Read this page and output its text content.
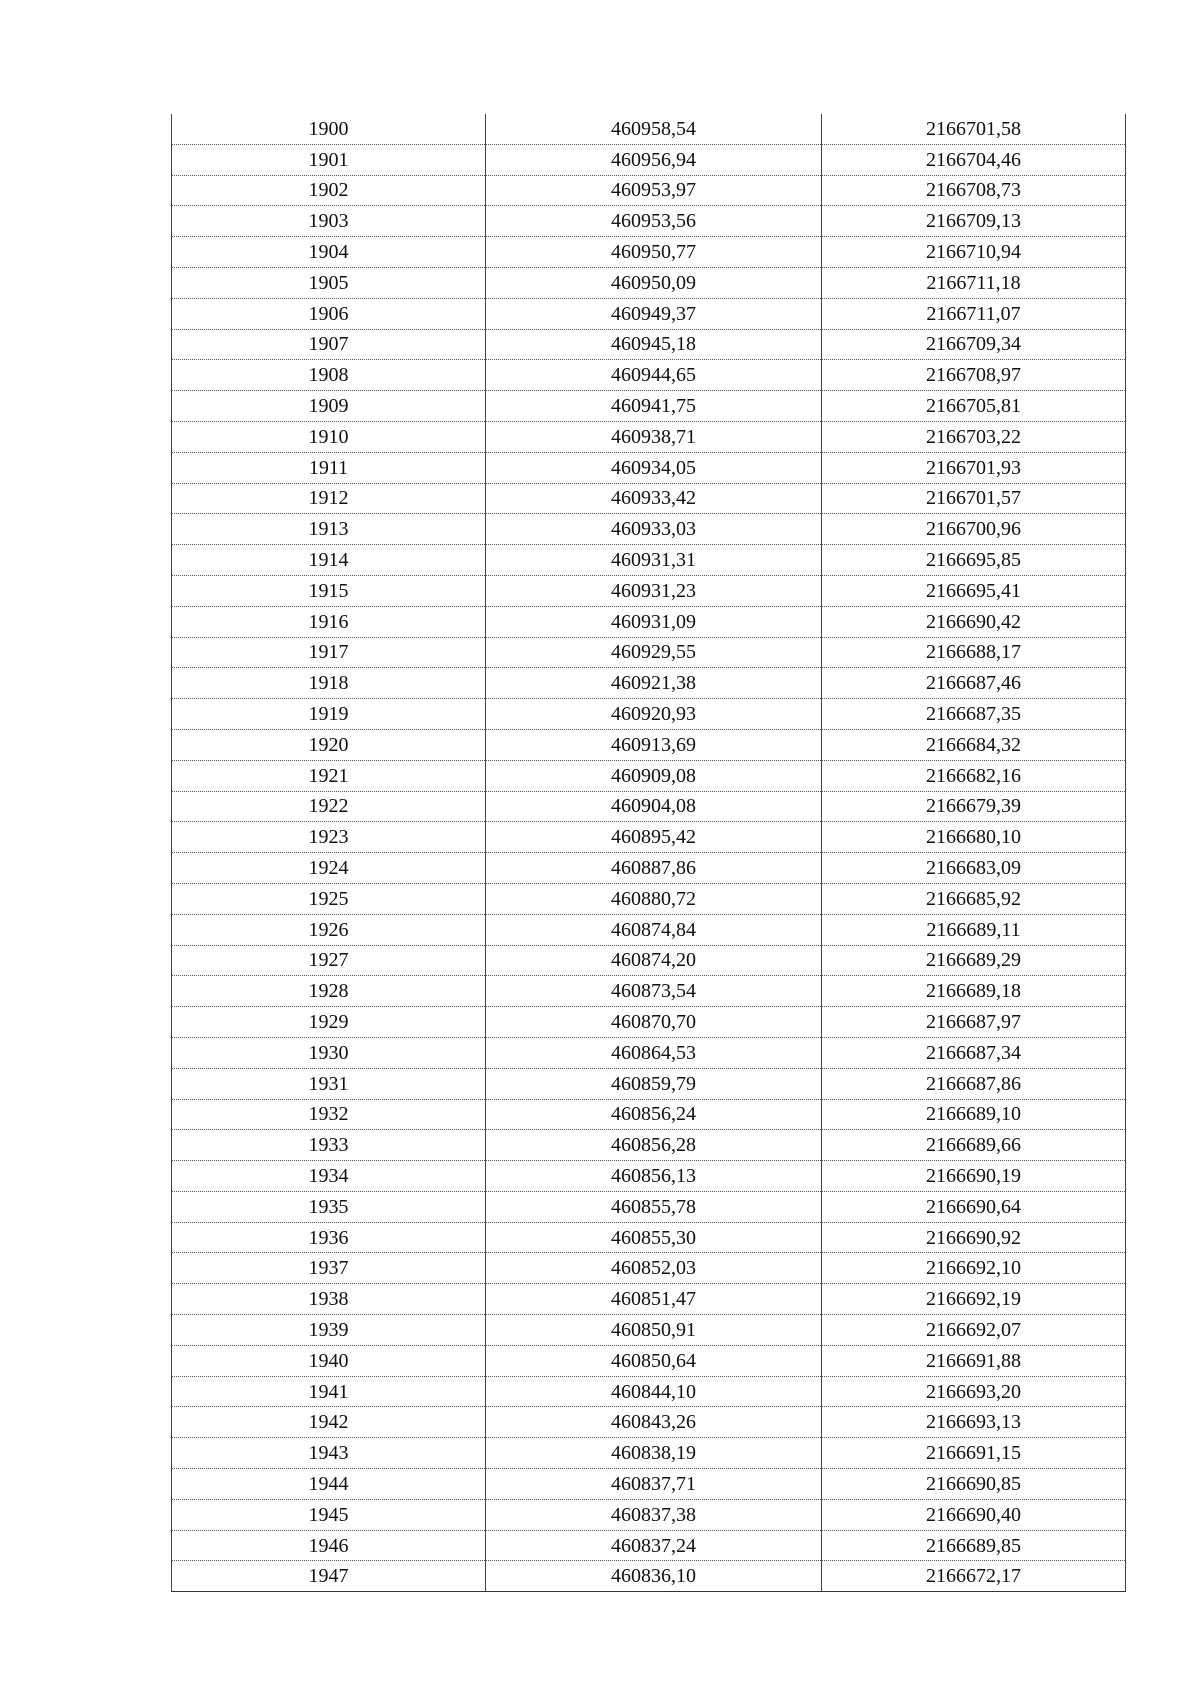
1900	460958,54	2166701,58
1901	460956,94	2166704,46
1902	460953,97	2166708,73
1903	460953,56	2166709,13
1904	460950,77	2166710,94
1905	460950,09	2166711,18
1906	460949,37	2166711,07
1907	460945,18	2166709,34
1908	460944,65	2166708,97
1909	460941,75	2166705,81
1910	460938,71	2166703,22
1911	460934,05	2166701,93
1912	460933,42	2166701,57
1913	460933,03	2166700,96
1914	460931,31	2166695,85
1915	460931,23	2166695,41
1916	460931,09	2166690,42
1917	460929,55	2166688,17
1918	460921,38	2166687,46
1919	460920,93	2166687,35
1920	460913,69	2166684,32
1921	460909,08	2166682,16
1922	460904,08	2166679,39
1923	460895,42	2166680,10
1924	460887,86	2166683,09
1925	460880,72	2166685,92
1926	460874,84	2166689,11
1927	460874,20	2166689,29
1928	460873,54	2166689,18
1929	460870,70	2166687,97
1930	460864,53	2166687,34
1931	460859,79	2166687,86
1932	460856,24	2166689,10
1933	460856,28	2166689,66
1934	460856,13	2166690,19
1935	460855,78	2166690,64
1936	460855,30	2166690,92
1937	460852,03	2166692,10
1938	460851,47	2166692,19
1939	460850,91	2166692,07
1940	460850,64	2166691,88
1941	460844,10	2166693,20
1942	460843,26	2166693,13
1943	460838,19	2166691,15
1944	460837,71	2166690,85
1945	460837,38	2166690,40
1946	460837,24	2166689,85
1947	460836,10	2166672,17
